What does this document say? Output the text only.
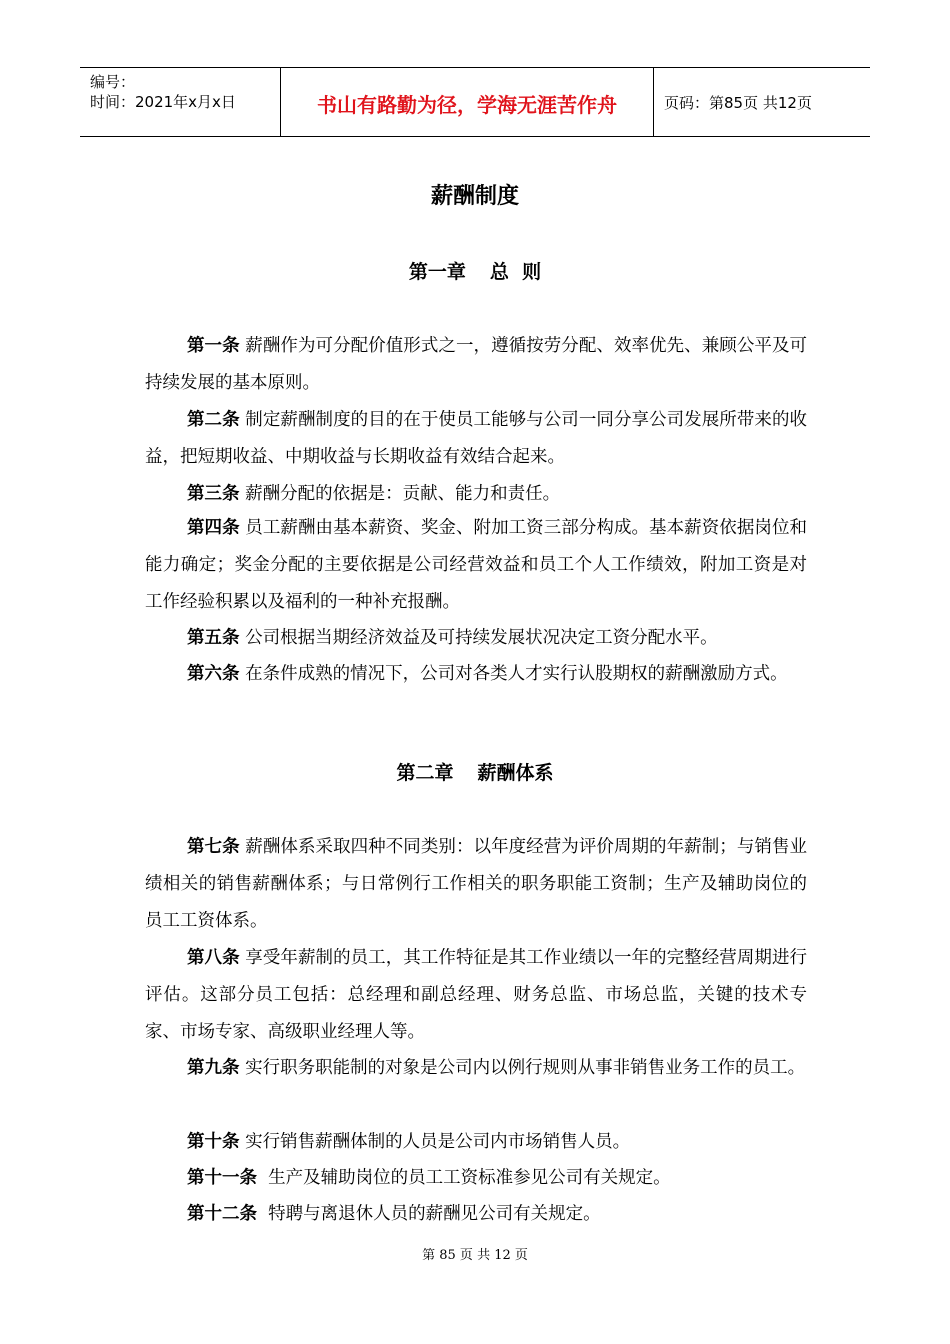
编号：
时间：2021年x月x日	书山有路勤为径，学海无涯苦作舟	页码：第85页 共12页
薪酬制度
第一章 总  则
第一条 薪酬作为可分配价值形式之一，遵循按劳分配、效率优先、兼顾公平及可持续发展的基本原则。
第二条 制定薪酬制度的目的在于使员工能够与公司一同分享公司发展所带来的收益，把短期收益、中期收益与长期收益有效结合起来。
第三条 薪酬分配的依据是：贡献、能力和责任。
第四条 员工薪酬由基本薪资、奖金、附加工资三部分构成。基本薪资依据岗位和能力确定；奖金分配的主要依据是公司经营效益和员工个人工作绩效，附加工资是对工作经验积累以及福利的一种补充报酬。
第五条 公司根据当期经济效益及可持续发展状况决定工资分配水平。
第六条 在条件成熟的情况下，公司对各类人才实行认股期权的薪酬激励方式。
第二章 薪酬体系
第七条 薪酬体系采取四种不同类别：以年度经营为评价周期的年薪制；与销售业绩相关的销售薪酬体系；与日常例行工作相关的职务职能工资制；生产及辅助岗位的员工工资体系。
第八条 享受年薪制的员工，其工作特征是其工作业绩以一年的完整经营周期进行评估。这部分员工包括：总经理和副总经理、财务总监、市场总监，关键的技术专家、市场专家、高级职业经理人等。
第九条 实行职务职能制的对象是公司内以例行规则从事非销售业务工作的员工。
第十条 实行销售薪酬体制的人员是公司内市场销售人员。
第十一条  生产及辅助岗位的员工工资标准参见公司有关规定。
第十二条  特聘与离退休人员的薪酬见公司有关规定。
第 85 页 共 12 页
